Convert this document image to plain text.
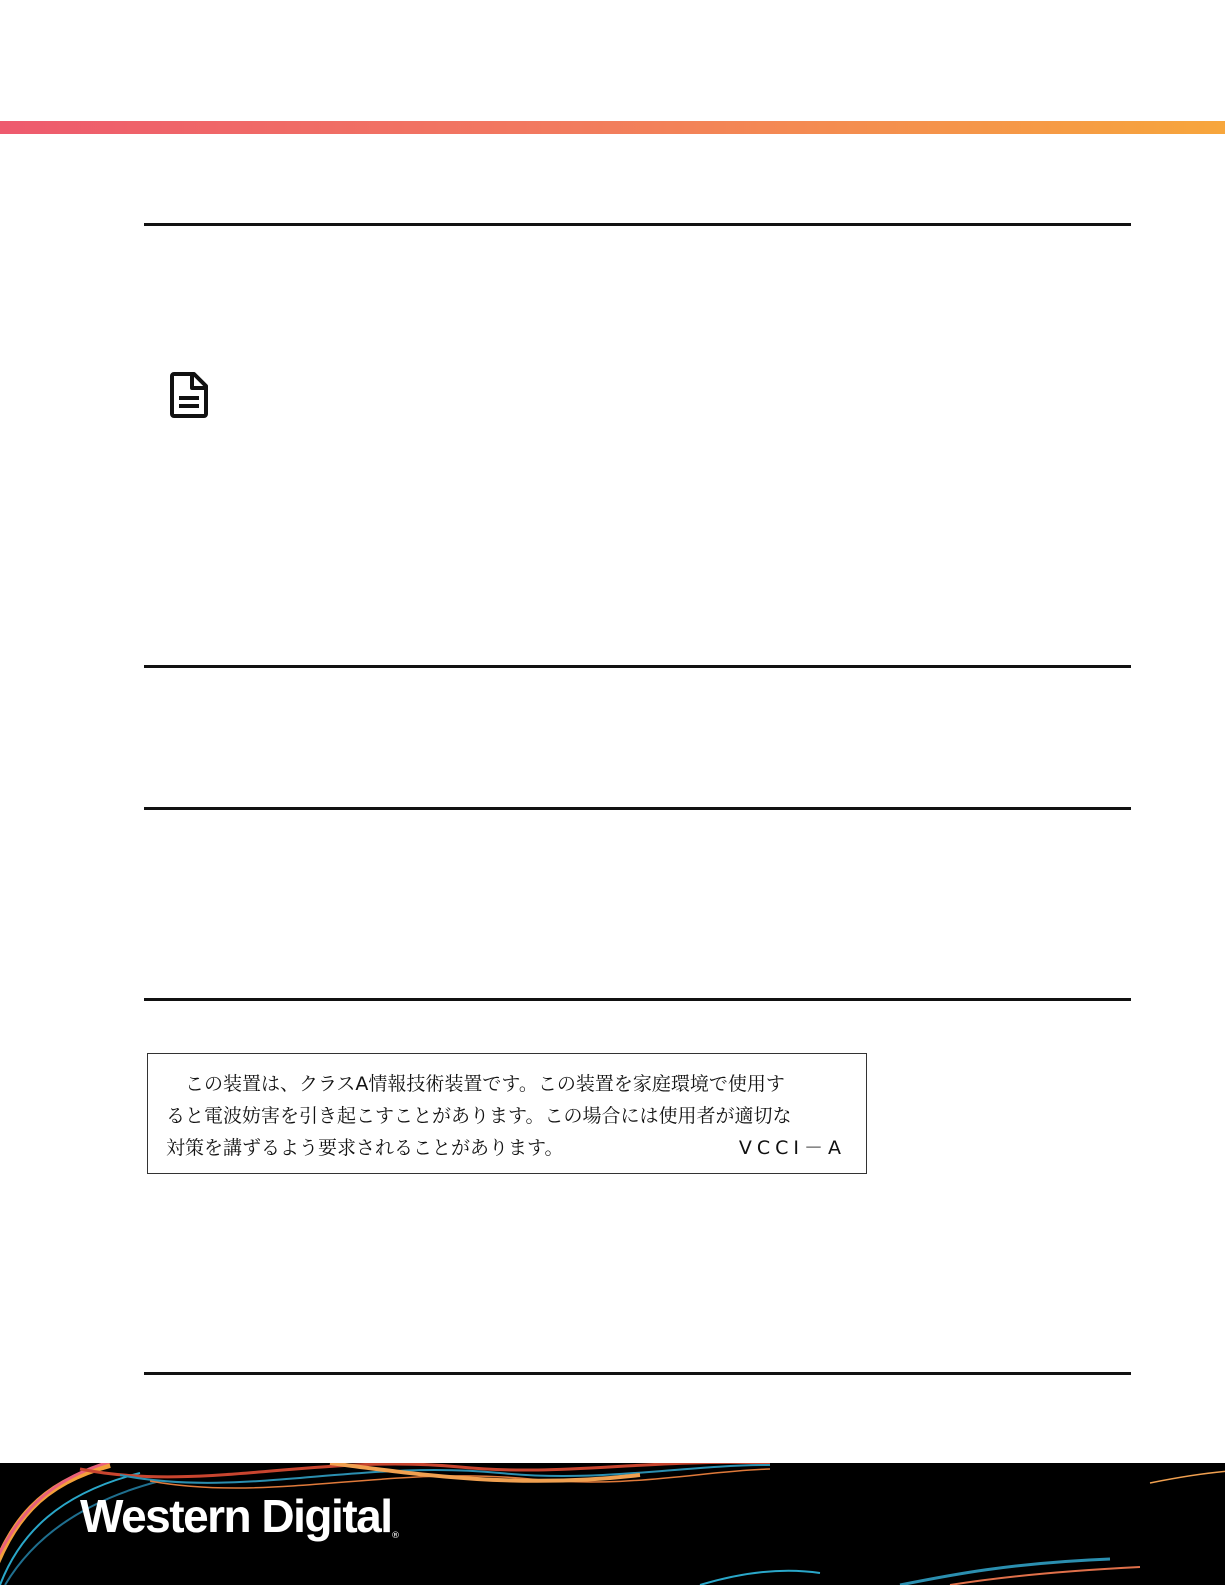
この装置は、クラスA情報技術装置です。この装置を家庭環境で使用す
ると電波妨害を引き起こすことがあります。この場合には使用者が適切な
対策を講ずるよう要求されることがあります。	VCCI－A
Western Digital ®
